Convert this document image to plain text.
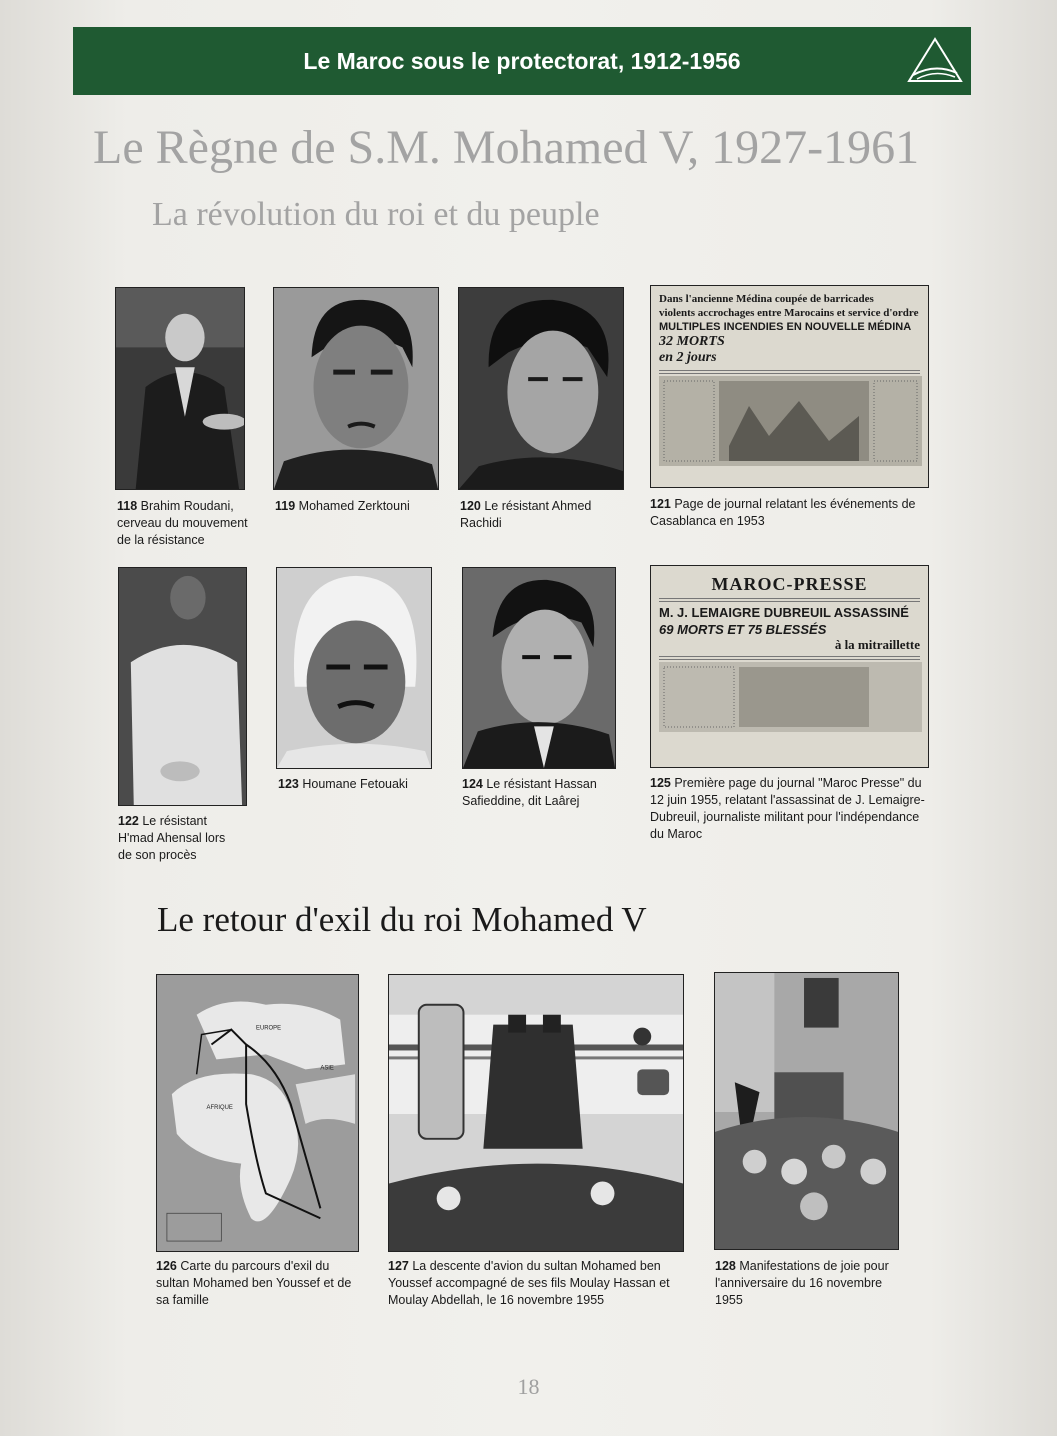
Le Maroc sous le protectorat, 1912-1956
Le Règne de S.M. Mohamed V, 1927-1961
La révolution du roi et du peuple
Dans l'ancienne Médina coupée de barricades
violents accrochages entre Marocains et service d'ordre
MULTIPLES INCENDIES EN NOUVELLE MÉDINA
32 MORTS
en 2 jours
118 Brahim Roudani, cerveau du mouvement de la résistance
119 Mohamed Zerktouni	120 Le résistant Ahmed Rachidi
121 Page de journal relatant les événements de Casablanca en 1953
MAROC-PRESSE
M. J. LEMAIGRE DUBREUIL ASSASSINÉ
69 MORTS ET 75 BLESSÉS
à la mitraillette
122 Le résistant H'mad Ahensal lors de son procès
123 Houmane Fetouaki	124 Le résistant Hassan Safieddine, dit Laârej
125 Première page du journal "Maroc Presse" du 12 juin 1955, relatant l'assassinat de J. Lemaigre-Dubreuil, journaliste militant pour l'indépendance du Maroc
Le retour d'exil du roi Mohamed V
EUROPE
AFRIQUE
ASIE
126 Carte du parcours d'exil du sultan Mohamed ben Youssef et de sa famille
127 La descente d'avion du sultan Mohamed ben Youssef accompagné de ses fils Moulay Hassan et Moulay Abdellah, le 16 novembre 1955
128 Manifestations de joie pour l'anniversaire du 16 novembre 1955
18
